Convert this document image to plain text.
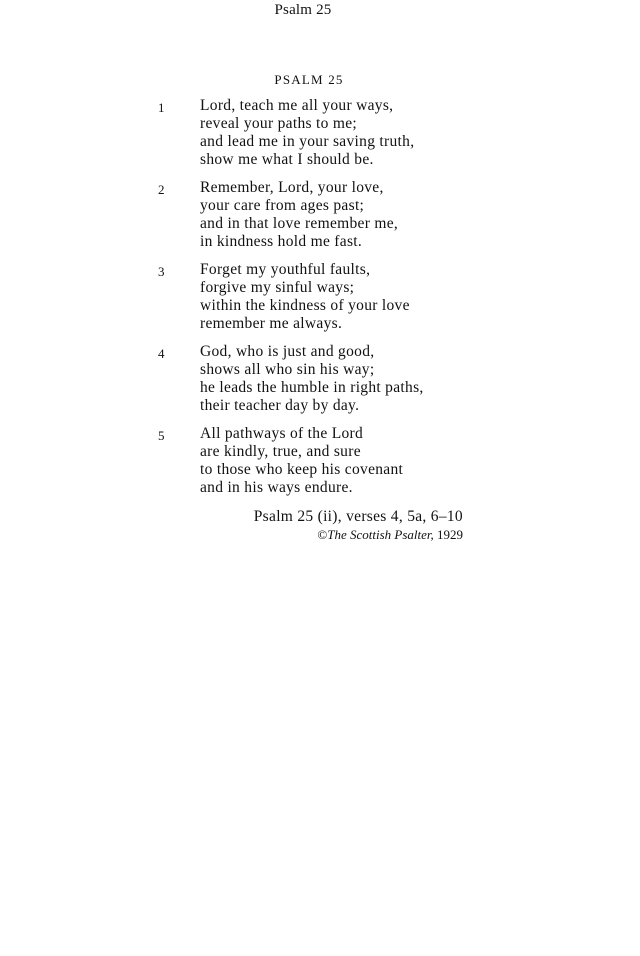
Psalm 25
PSALM 25
1 Lord, teach me all your ways,
reveal your paths to me;
and lead me in your saving truth,
show me what I should be.
2 Remember, Lord, your love,
your care from ages past;
and in that love remember me,
in kindness hold me fast.
3 Forget my youthful faults,
forgive my sinful ways;
within the kindness of your love
remember me always.
4 God, who is just and good,
shows all who sin his way;
he leads the humble in right paths,
their teacher day by day.
5 All pathways of the Lord
are kindly, true, and sure
to those who keep his covenant
and in his ways endure.
Psalm 25 (ii), verses 4, 5a, 6–10
©The Scottish Psalter, 1929
